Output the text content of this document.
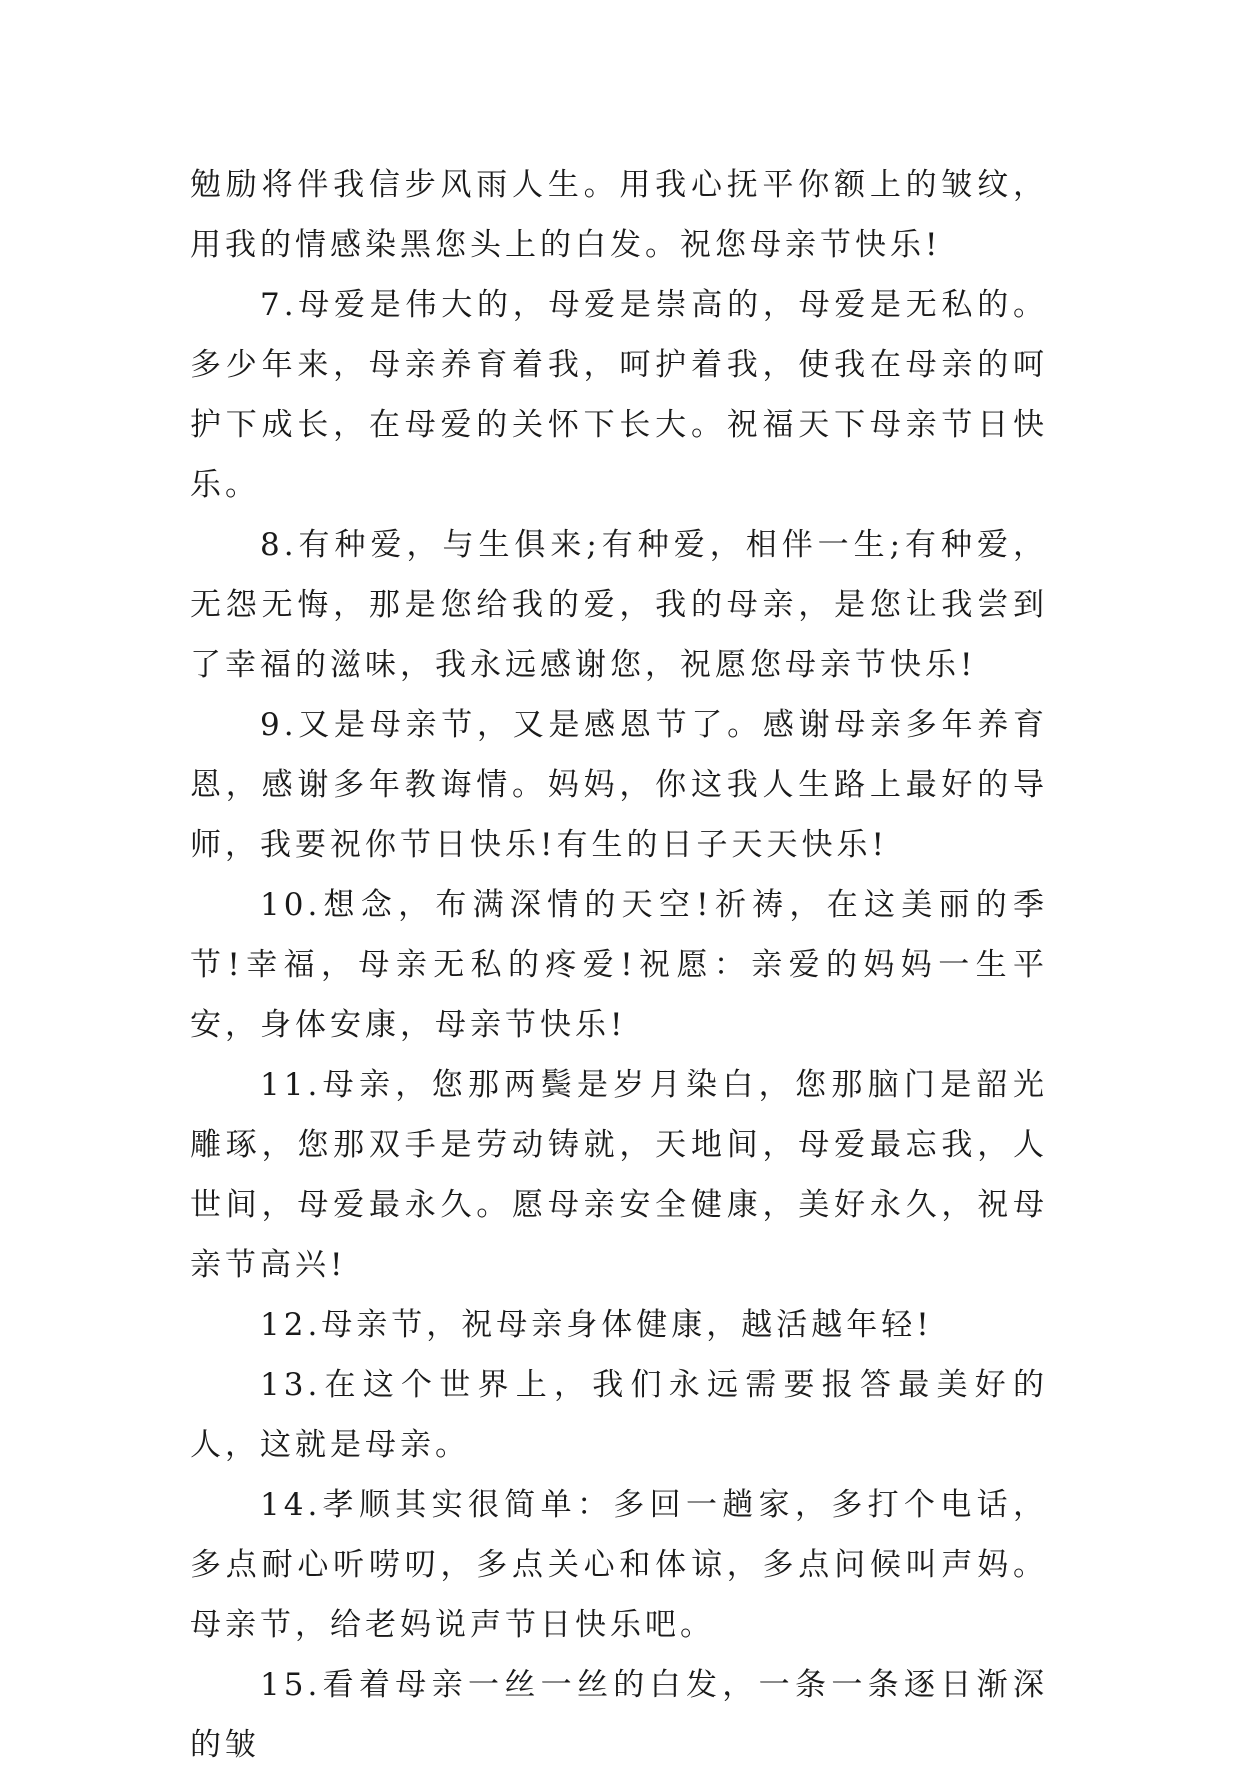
勉励将伴我信步风雨人生。用我心抚平你额上的皱纹，用我的情感染黑您头上的白发。祝您母亲节快乐!

7.母爱是伟大的，母爱是崇高的，母爱是无私的。多少年来，母亲养育着我，呵护着我，使我在母亲的呵护下成长，在母爱的关怀下长大。祝福天下母亲节日快乐。

8.有种爱，与生俱来;有种爱，相伴一生;有种爱，无怨无悔，那是您给我的爱，我的母亲，是您让我尝到了幸福的滋味，我永远感谢您，祝愿您母亲节快乐!

9.又是母亲节，又是感恩节了。感谢母亲多年养育恩，感谢多年教诲情。妈妈，你这我人生路上最好的导师，我要祝你节日快乐!有生的日子天天快乐!

10.想念，布满深情的天空!祈祷，在这美丽的季节!幸福，母亲无私的疼爱!祝愿：亲爱的妈妈一生平安，身体安康，母亲节快乐!

11.母亲，您那两鬓是岁月染白，您那脑门是韶光雕琢，您那双手是劳动铸就，天地间，母爱最忘我，人世间，母爱最永久。愿母亲安全健康，美好永久，祝母亲节高兴!

12.母亲节，祝母亲身体健康，越活越年轻!

13.在这个世界上，我们永远需要报答最美好的人，这就是母亲。

14.孝顺其实很简单：多回一趟家，多打个电话，多点耐心听唠叨，多点关心和体谅，多点问候叫声妈。母亲节，给老妈说声节日快乐吧。

15.看着母亲一丝一丝的白发，一条一条逐日渐深的皱
